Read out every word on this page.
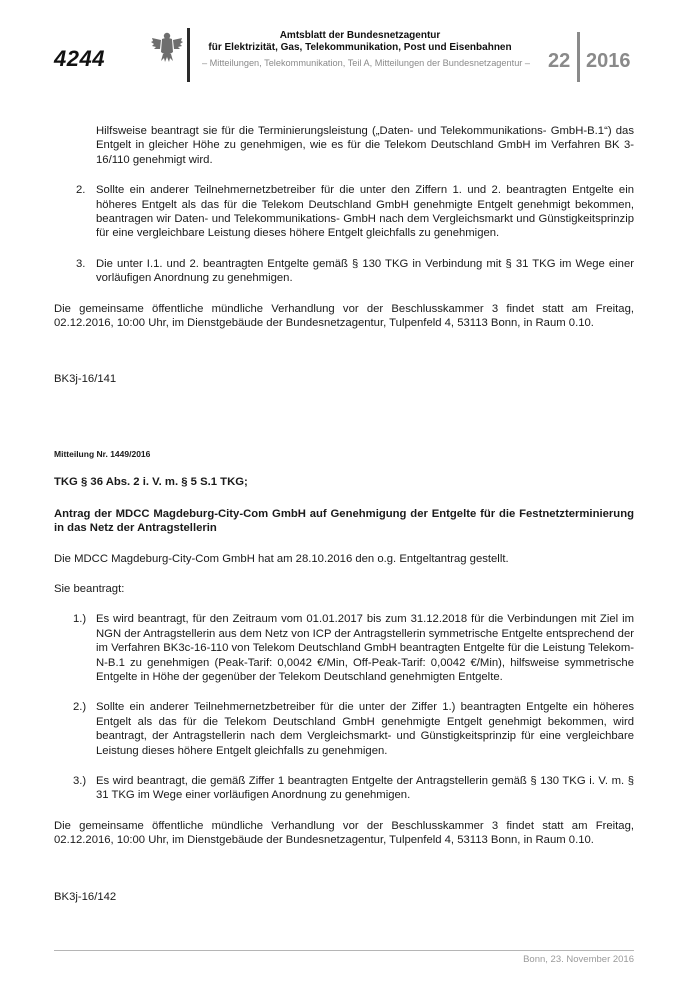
4244
Amtsblatt der Bundesnetzagentur
für Elektrizität, Gas, Telekommunikation, Post und Eisenbahnen
– Mitteilungen, Telekommunikation, Teil A, Mitteilungen der Bundesnetzagentur – 22 2016

Hilfsweise beantragt sie für die Terminierungsleistung („Daten- und Telekommunikations- GmbH-B.1“) das Entgelt in gleicher Höhe zu genehmigen, wie es für die Telekom Deutschland GmbH im Verfahren BK 3-16/110 genehmigt wird.

2. Sollte ein anderer Teilnehmernetzbetreiber für die unter den Ziffern 1. und 2. beantragten Entgelte ein höheres Entgelt als das für die Telekom Deutschland GmbH genehmigte Entgelt genehmigt bekommen, beantragen wir Daten- und Telekommunikations- GmbH nach dem Vergleichsmarkt und Günstigkeitsprinzip für eine vergleichbare Leistung dieses höhere Entgelt gleichfalls zu genehmigen.
3. Die unter I.1. und 2. beantragten Entgelte gemäß § 130 TKG in Verbindung mit § 31 TKG im Wege einer vorläufigen Anordnung zu genehmigen.

Die gemeinsame öffentliche mündliche Verhandlung vor der Beschlusskammer 3 findet statt am Freitag, 02.12.2016, 10:00 Uhr, im Dienstgebäude der Bundesnetzagentur, Tulpenfeld 4, 53113 Bonn, in Raum 0.10.

BK3j-16/141

Mitteilung Nr. 1449/2016

TKG § 36 Abs. 2 i. V. m. § 5 S.1 TKG;

Antrag der MDCC Magdeburg-City-Com GmbH auf Genehmigung der Entgelte für die Festnetzterminierung in das Netz der Antragstellerin

Die MDCC Magdeburg-City-Com GmbH hat am 28.10.2016 den o.g. Entgeltantrag gestellt.

Sie beantragt:

1.) Es wird beantragt, für den Zeitraum vom 01.01.2017 bis zum 31.12.2018 für die Verbindungen mit Ziel im NGN der Antragstellerin aus dem Netz von ICP der Antragstellerin symmetrische Entgelte entsprechend der im Verfahren BK3c-16-110 von Telekom Deutschland GmbH beantragten Entgelte für die Leistung Telekom-N-B.1 zu genehmigen (Peak-Tarif: 0,0042 €/Min, Off-Peak-Tarif: 0,0042 €/Min), hilfsweise symmetrische Entgelte in Höhe der gegenüber der Telekom Deutschland genehmigten Entgelte.
2.) Sollte ein anderer Teilnehmernetzbetreiber für die unter der Ziffer 1.) beantragten Entgelte ein höheres Entgelt als das für die Telekom Deutschland GmbH genehmigte Entgelt genehmigt bekommen, wird beantragt, der Antragstellerin nach dem Vergleichsmarkt- und Günstigkeitsprinzip für eine vergleichbare Leistung dieses höhere Entgelt gleichfalls zu genehmigen.
3.) Es wird beantragt, die gemäß Ziffer 1 beantragten Entgelte der Antragstellerin gemäß § 130 TKG i. V. m. § 31 TKG im Wege einer vorläufigen Anordnung zu genehmigen.

Die gemeinsame öffentliche mündliche Verhandlung vor der Beschlusskammer 3 findet statt am Freitag, 02.12.2016, 10:00 Uhr, im Dienstgebäude der Bundesnetzagentur, Tulpenfeld 4, 53113 Bonn, in Raum 0.10.

BK3j-16/142

Bonn, 23. November 2016
